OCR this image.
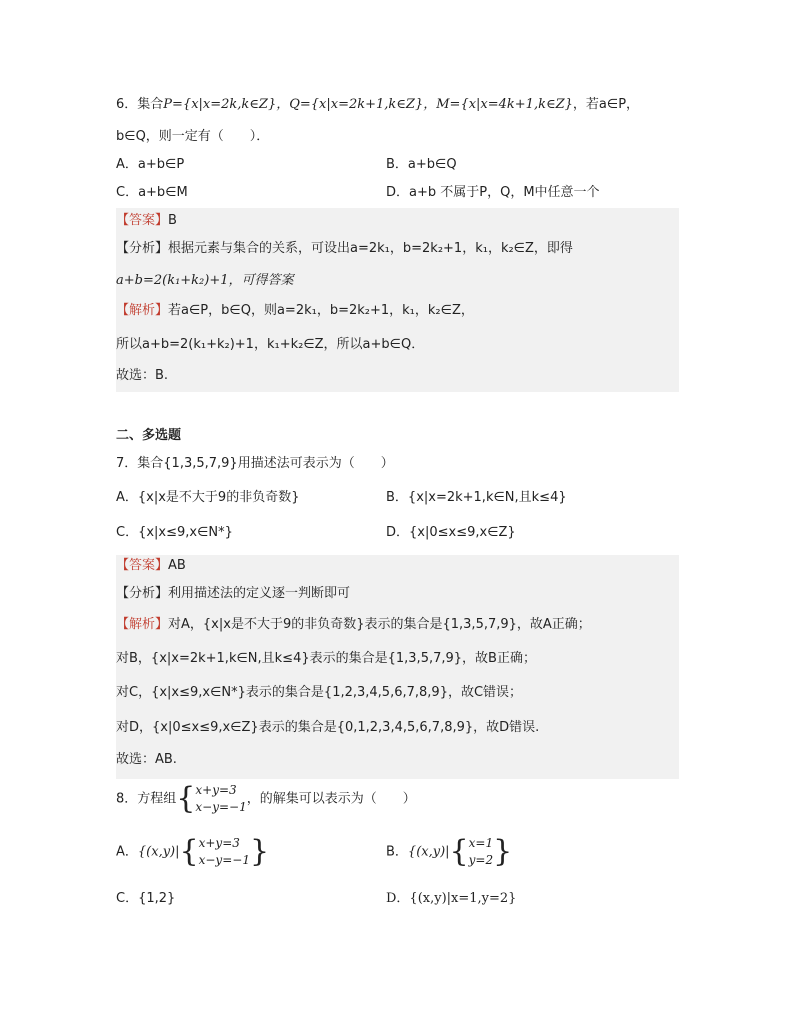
6．集合P={x|x=2k,k∈Z}，Q={x|x=2k+1,k∈Z}，M={x|x=4k+1,k∈Z}，若a∈P，
b∈Q，则一定有（　　）．
A．a+b∈P	B．a+b∈Q
C．a+b∈M	D．a+b 不属于P，Q，M中任意一个
【答案】B
【分析】根据元素与集合的关系，可设出a=2k₁，b=2k₂+1，k₁，k₂∈Z，即得
a+b=2(k₁+k₂)+1，可得答案
【解析】若a∈P，b∈Q，则a=2k₁，b=2k₂+1，k₁，k₂∈Z，
所以a+b=2(k₁+k₂)+1，k₁+k₂∈Z，所以a+b∈Q．
故选：B.
二、多选题
7．集合{1,3,5,7,9}用描述法可表示为（　　）
A．{x|x是不大于9的非负奇数}	B．{x|x=2k+1,k∈N,且k≤4}
C．{x|x≤9,x∈N*}	D．{x|0≤x≤9,x∈Z}
【答案】AB
【分析】利用描述法的定义逐一判断即可
【解析】对A，{x|x是不大于9的非负奇数}表示的集合是{1,3,5,7,9}，故A正确；
对B，{x|x=2k+1,k∈N,且k≤4}表示的集合是{1,3,5,7,9}，故B正确；
对C，{x|x≤9,x∈N*}表示的集合是{1,2,3,4,5,6,7,8,9}，故C错误；
对D，{x|0≤x≤9,x∈Z}表示的集合是{0,1,2,3,4,5,6,7,8,9}，故D错误.
故选：AB.
8．方程组{ x+y=3
x−y=−1
，的解集可以表示为（　　）
A．{(x,y)|{ x+y=3
x−y=−1 }	B．{(x,y)|{ x=1
y=2 }
C．{1,2}	D．{(x,y)|x=1,y=2}
